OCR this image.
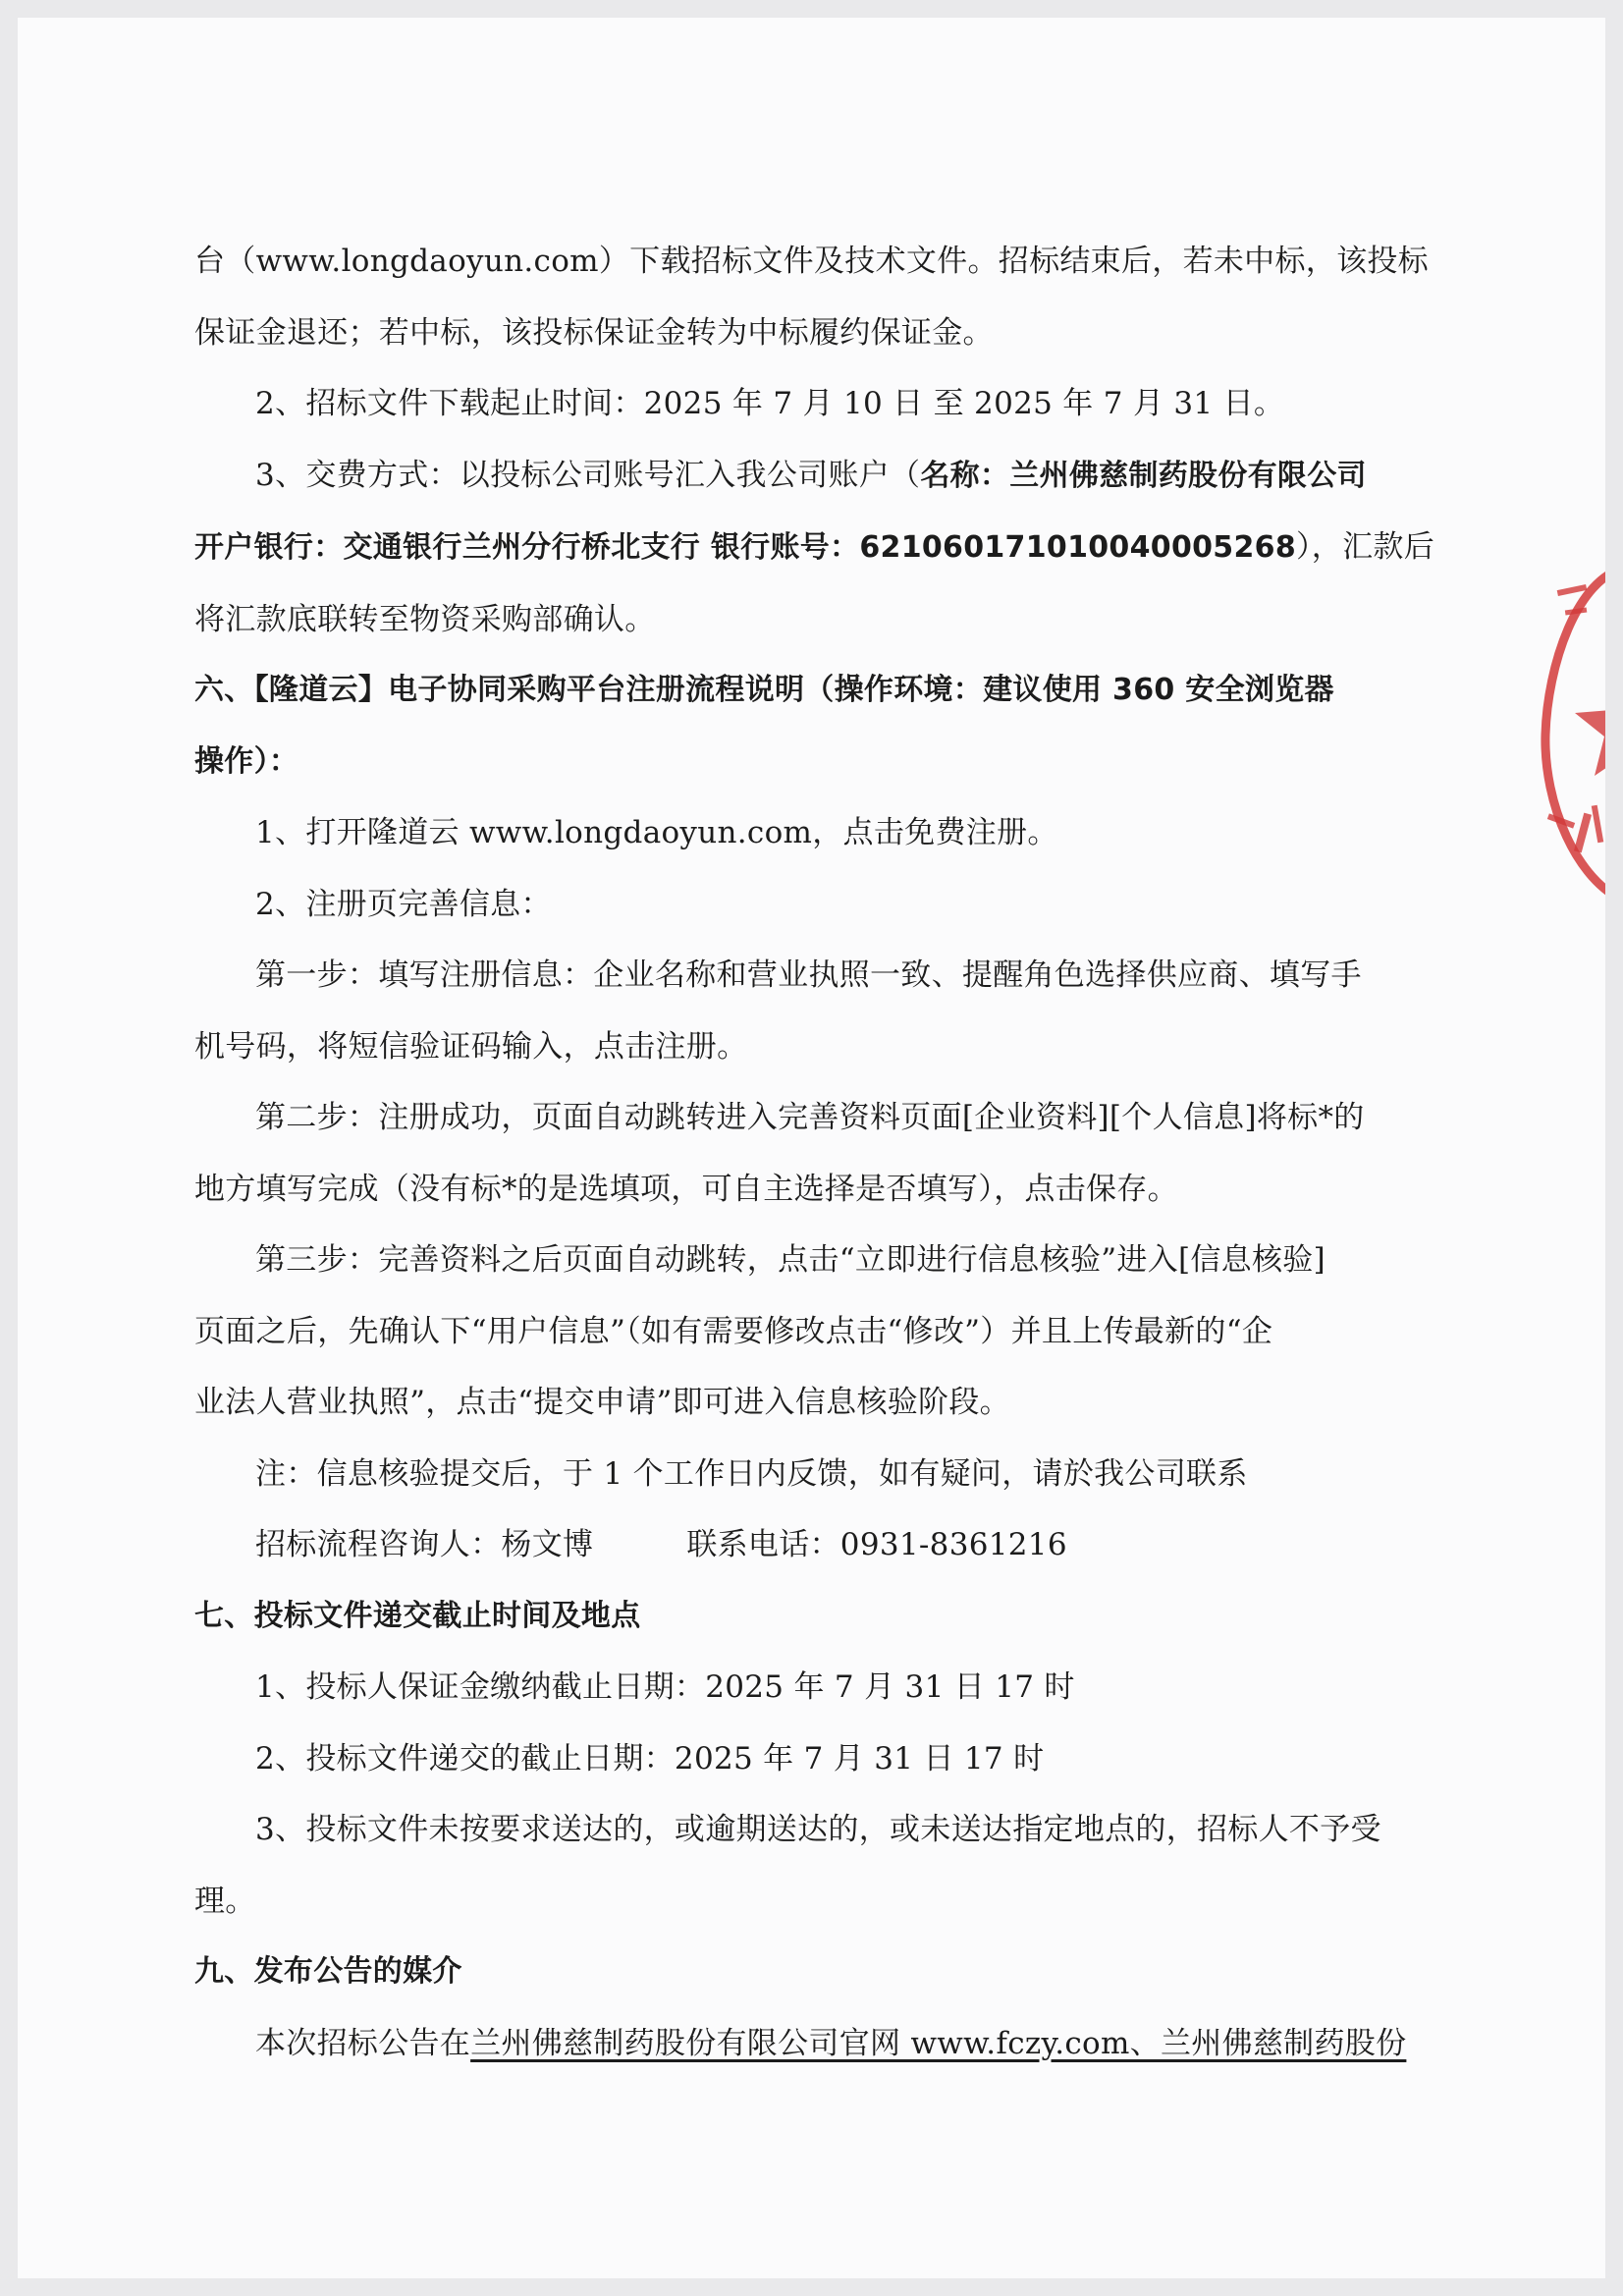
台（www.longdaoyun.com）下载招标文件及技术文件。招标结束后，若未中标，该投标

保证金退还；若中标，该投标保证金转为中标履约保证金。

2、招标文件下载起止时间：2025 年 7 月 10 日 至 2025 年 7 月 31 日。

3、交费方式：以投标公司账号汇入我公司账户（名称：兰州佛慈制药股份有限公司

开户银行：交通银行兰州分行桥北支行 银行账号：621060171010040005268），汇款后

将汇款底联转至物资采购部确认。

六、【隆道云】电子协同采购平台注册流程说明（操作环境：建议使用 360 安全浏览器

操作）：

1、打开隆道云 www.longdaoyun.com，点击免费注册。

2、注册页完善信息：

第一步：填写注册信息：企业名称和营业执照一致、提醒角色选择供应商、填写手

机号码，将短信验证码输入，点击注册。

第二步：注册成功，页面自动跳转进入完善资料页面[企业资料][个人信息]将标*的

地方填写完成（没有标*的是选填项，可自主选择是否填写），点击保存。

第三步：完善资料之后页面自动跳转，点击“立即进行信息核验”进入[信息核验]

页面之后，先确认下“用户信息”（如有需要修改点击“修改”）并且上传最新的“企

业法人营业执照”，点击“提交申请”即可进入信息核验阶段。

注：信息核验提交后，于 1 个工作日内反馈，如有疑问，请於我公司联系

招标流程咨询人：杨文博	联系电话：0931-8361216

七、投标文件递交截止时间及地点

1、投标人保证金缴纳截止日期：2025 年 7 月 31 日 17 时

2、投标文件递交的截止日期：2025 年 7 月 31 日 17 时

3、投标文件未按要求送达的，或逾期送达的，或未送达指定地点的，招标人不予受

理。

九、发布公告的媒介

本次招标公告在兰州佛慈制药股份有限公司官网 www.fczy.com、兰州佛慈制药股份
